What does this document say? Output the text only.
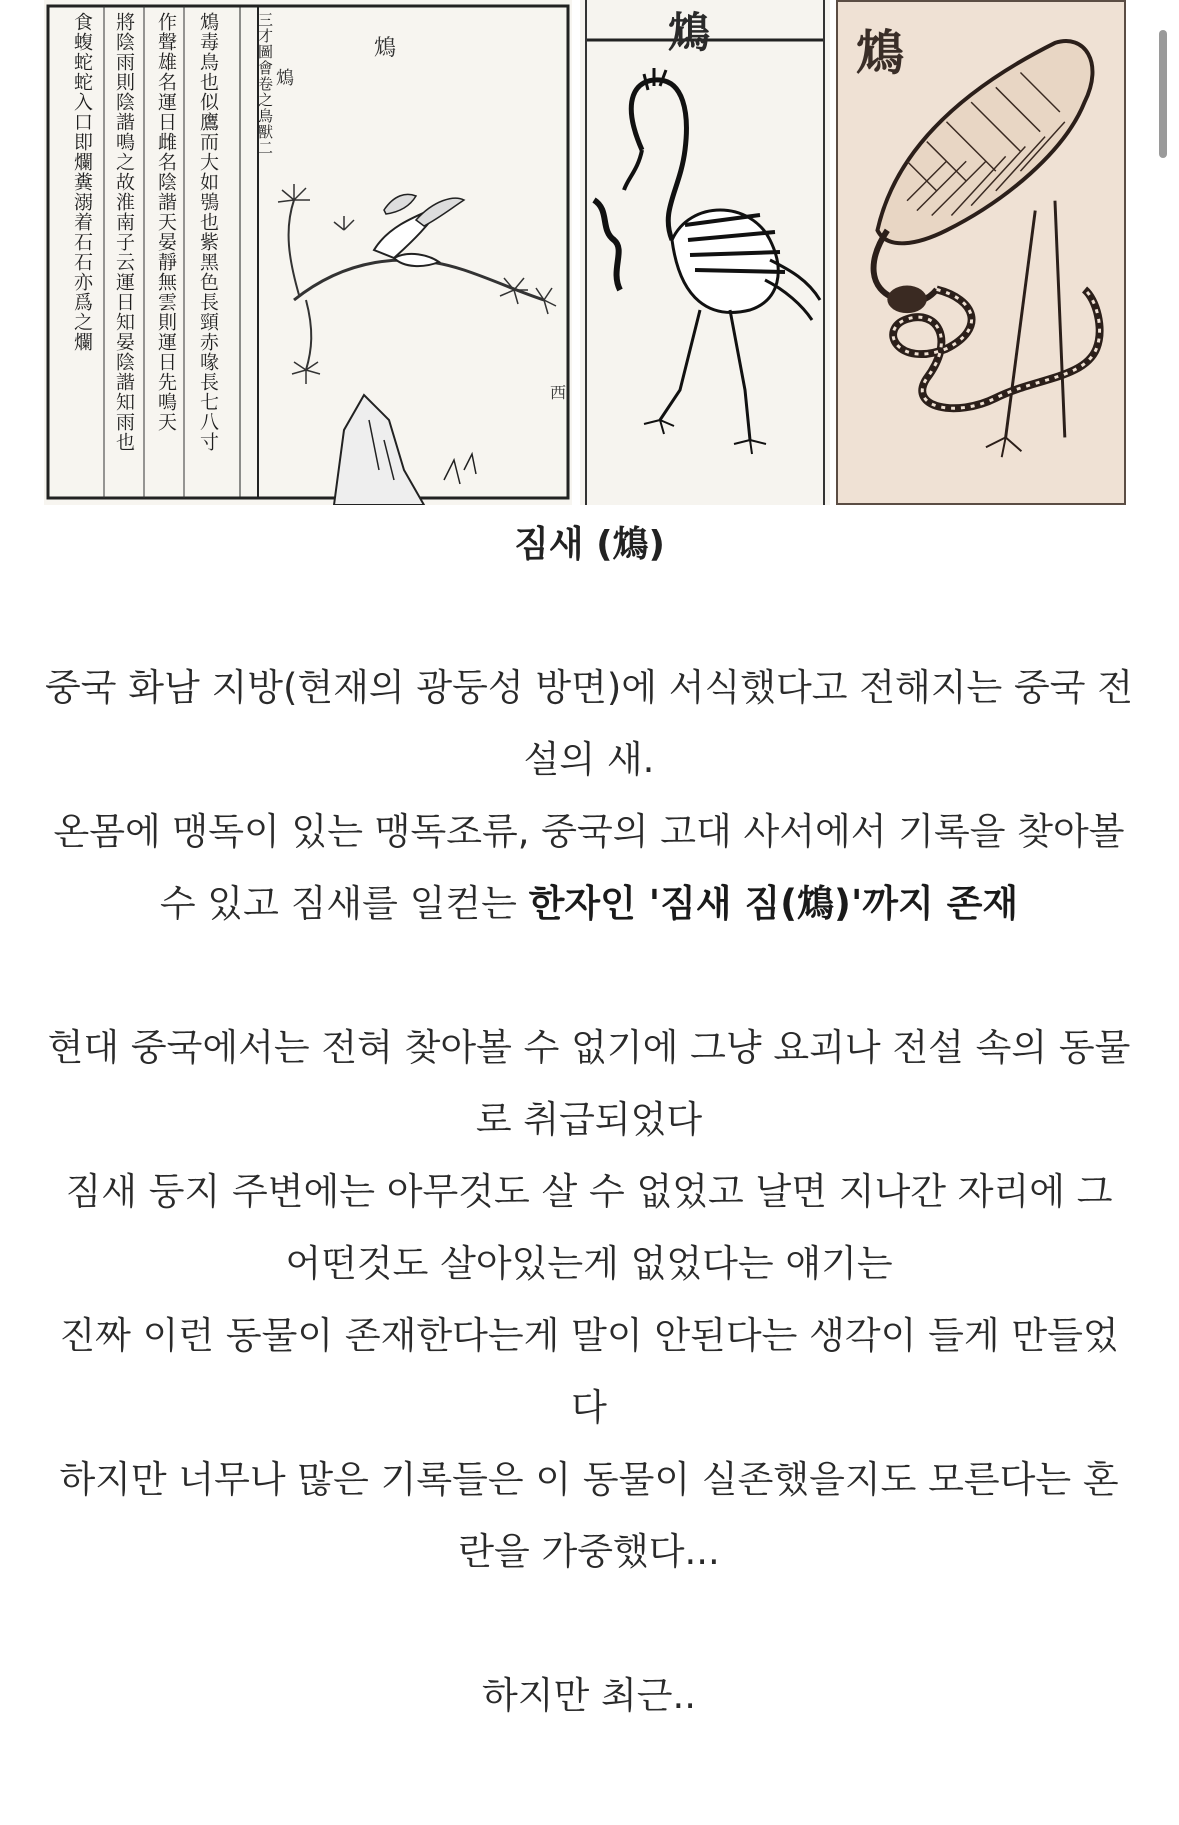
鴆
鴆
西
三才圖會卷之鳥獸二
鴆毒鳥也似鷹而大如鴞也紫黑色長頸赤喙長七八寸
作聲雄名運日雌名陰諧天晏靜無雲則運日先鳴天
將陰雨則陰諧鳴之故淮南子云運日知晏陰諧知雨也
食蝮蛇蛇入口即爛糞溺着石石亦爲之爛	鴆	鴆
짐새 (鴆)

중국 화남 지방(현재의 광둥성 방면)에 서식했다고 전해지는 중국 전설의 새.

온몸에 맹독이 있는 맹독조류, 중국의 고대 사서에서 기록을 찾아볼 수 있고 짐새를 일컫는 한자인 '짐새 짐(鴆)'까지 존재

현대 중국에서는 전혀 찾아볼 수 없기에 그냥 요괴나 전설 속의 동물로 취급되었다

짐새 둥지 주변에는 아무것도 살 수 없었고 날면 지나간 자리에 그 어떤것도 살아있는게 없었다는 얘기는

진짜 이런 동물이 존재한다는게 말이 안된다는 생각이 들게 만들었다

하지만 너무나 많은 기록들은 이 동물이 실존했을지도 모른다는 혼란을 가중했다...

하지만 최근..
